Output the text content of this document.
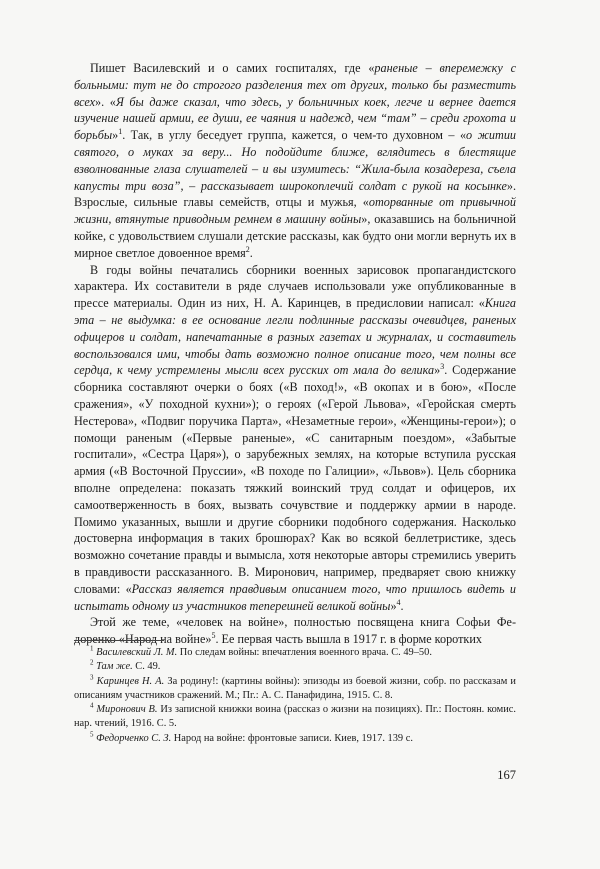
Пишет Василевский и о самих госпиталях, где «раненые – вперемежку с больными: тут не до строгого разделения тех от других, только бы разместить всех». «Я бы даже сказал, что здесь, у больничных коек, легче и вернее дается изучение нашей армии, ее души, ее чаяния и надежд, чем “там” – среди грохота и борьбы»$^1$. Так, в углу беседует группа, кажется, о чем-то духовном – «о житии святого, о муках за веру... Но подойдите ближе, вглядитесь в блестящие взволнованные глаза слушателей – и вы изумитесь: “Жила-была козадереза, съела капусты три воза”, – рассказывает широкоплечий солдат с рукой на косынке». Взрослые, сильные главы семейств, отцы и мужья, «оторванные от привычной жизни, втянутые приводным ремнем в машину войны», оказавшись на больничной койке, с удовольствием слушали детские рассказы, как будто они могли вернуть их в мирное светлое довоенное время$^2$.

В годы войны печатались сборники военных зарисовок пропагандистского характера. Их составители в ряде случаев использовали уже опубликованные в прессе материалы. Один из них, Н. А. Каринцев, в предисловии написал: «Книга эта – не выдумка: в ее основание легли подлинные рассказы очевидцев, раненых офицеров и солдат, напечатанные в разных газетах и журналах, и составитель воспользовался ими, чтобы дать возможно полное описание того, чем полны все сердца, к чему устремлены мысли всех русских от мала до велика»$^3$. Содержание сборника составляют очерки о боях («В поход!», «В окопах и в бою», «После сражения», «У походной кухни»); о героях («Герой Львова», «Геройская смерть Нестерова», «Подвиг поручика Парта», «Незаметные герои», «Женщины-герои»); о помощи раненым («Первые раненые», «С санитарным поездом», «Забытые госпитали», «Сестра Царя»), о зарубежных землях, на которые вступила русская армия («В Восточной Пруссии», «В походе по Галиции», «Львов»). Цель сборника вполне определена: показать тяжкий воинский труд солдат и офицеров, их самоотверженность в боях, вызвать сочувствие и поддержку армии в народе. Помимо указанных, вышли и другие сборники подобного содержания. Насколько достоверна информация в таких брошюрах? Как во всякой беллетристике, здесь возможно сочетание правды и вымысла, хотя некоторые авторы стремились уверить в правдивости рассказанного. В. Миронович, например, предваряет свою книжку словами: «Рассказ является правдивым описанием того, что пришлось видеть и испытать одному из участников теперешней великой войны»$^4$.

Этой же теме, «человек на войне», полностью посвящена книга Софьи Федоренко «Народ на войне»$^5$. Ее первая часть вышла в 1917 г. в форме коротких

$^1$ Василевский Л. М. По следам войны: впечатления военного врача. С. 49–50.

$^2$ Там же. С. 49.

$^3$ Каринцев Н. А. За родину!: (картины войны): эпизоды из боевой жизни, собр. по рассказам и описаниям участников сражений. М.; Пг.: А. С. Панафидина, 1915. С. 8.

$^4$ Миронович В. Из записной книжки воина (рассказ о жизни на позициях). Пг.: Постоян. комис. нар. чтений, 1916. С. 5.

$^5$ Федорченко С. З. Народ на войне: фронтовые записи. Киев, 1917. 139 с.

167
